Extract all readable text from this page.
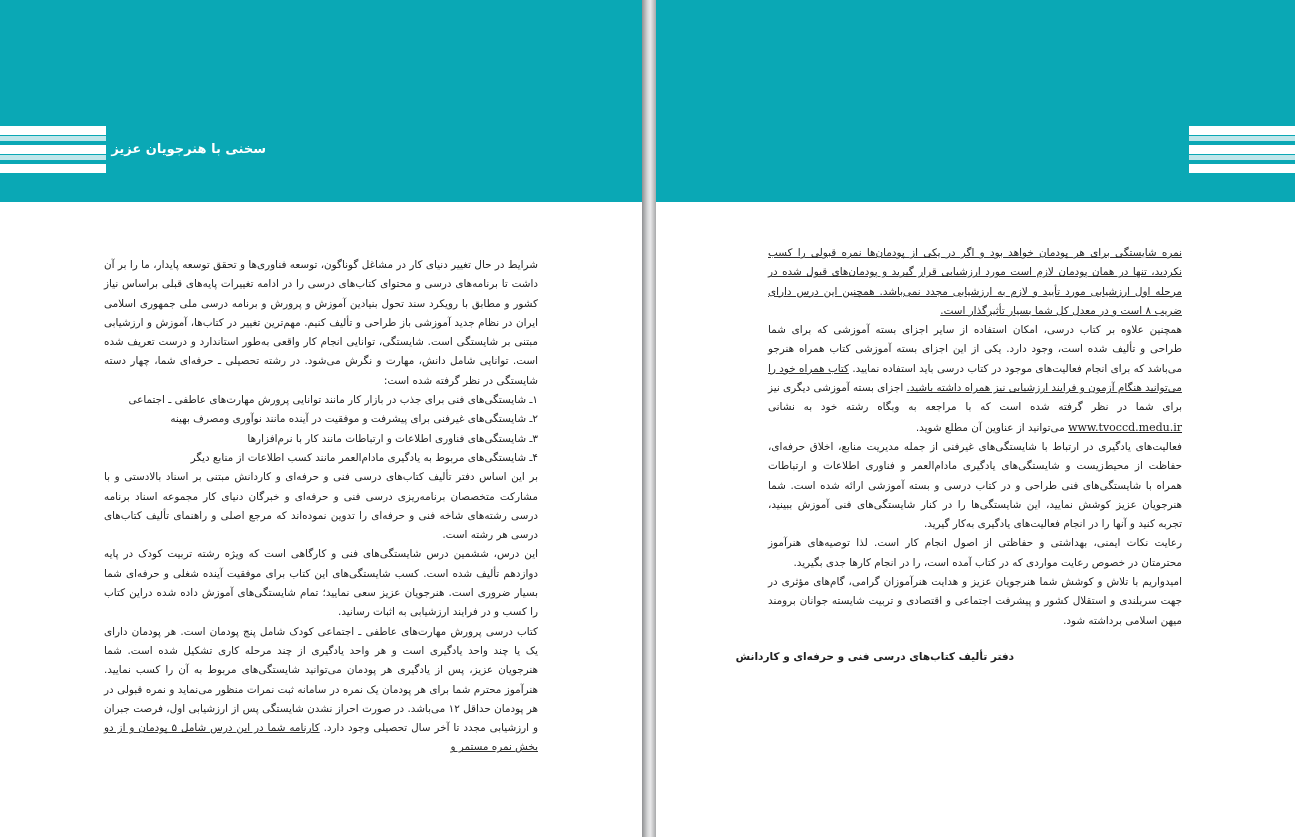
سخنی با هنرجویان عزیز

شرایط در حال تغییر دنیای کار در مشاغل گوناگون، توسعه فناوری‌ها و تحقق توسعه پایدار، ما را بر آن داشت تا برنامه‌های درسی و محتوای کتاب‌های درسی را در ادامه تغییرات پایه‌های قبلی براساس نیاز کشور و مطابق با رویکرد سند تحول بنیادین آموزش و پرورش و برنامه درسی ملی جمهوری اسلامی ایران در نظام جدید آموزشی باز طراحی و تألیف کنیم. مهم‌ترین تغییر در کتاب‌ها، آموزش و ارزشیابی مبتنی بر شایستگی است. شایستگی، توانایی انجام کار واقعی به‌طور استاندارد و درست تعریف شده است. توانایی شامل دانش، مهارت و نگرش می‌شود. در رشته تحصیلی ـ حرفه‌ای شما، چهار دسته شایستگی در نظر گرفته شده است:

۱ـ شایستگی‌های فنی برای جذب در بازار کار مانند توانایی پرورش مهارت‌های عاطفی ـ اجتماعی

۲ـ شایستگی‌های غیرفنی برای پیشرفت و موفقیت در آینده مانند نوآوری ومصرف بهینه

۳ـ شایستگی‌های فناوری اطلاعات و ارتباطات مانند کار با نرم‌افزارها

۴ـ شایستگی‌های مربوط به یادگیری مادام‌العمر مانند کسب اطلاعات از منابع دیگر

بر این اساس دفتر تألیف کتاب‌های درسی فنی و حرفه‌ای و کاردانش مبتنی بر اسناد بالادستی و با مشارکت متخصصان برنامه‌ریزی درسی فنی و حرفه‌ای و خبرگان دنیای کار مجموعه اسناد برنامه درسی رشته‌های شاخه فنی و حرفه‌ای را تدوین نموده‌اند که مرجع اصلی و راهنمای تألیف کتاب‌های درسی هر رشته است.

این درس، ششمین درس شایستگی‌های فنی و کارگاهی است که ویژه رشته تربیت کودک در پایه دوازدهم تألیف شده است. کسب شایستگی‌های این کتاب برای موفقیت آینده شغلی و حرفه‌ای شما بسیار ضروری است. هنرجویان عزیز سعی نمایید؛ تمام شایستگی‌های آموزش داده شده دراین کتاب را کسب و در فرایند ارزشیابی به اثبات رسانید.

کتاب درسی پرورش مهارت‌های عاطفی ـ اجتماعی کودک شامل پنج پودمان است. هر پودمان دارای یک یا چند واحد یادگیری است و هر واحد یادگیری از چند مرحله کاری تشکیل شده است. شما هنرجویان عزیز، پس از یادگیری هر پودمان می‌توانید شایستگی‌های مربوط به آن را کسب نمایید. هنرآموز محترم شما برای هر پودمان یک نمره در سامانه ثبت نمرات منظور می‌نماید و نمره قبولی در هر پودمان حداقل ۱۲ می‌باشد. در صورت احراز نشدن شایستگی پس از ارزشیابی اول، فرصت جبران و ارزشیابی مجدد تا آخر سال تحصیلی وجود دارد. کارنامه شما در این درس شامل ۵ پودمان و از دو بخش نمره مستمر و

نمره شایستگی برای هر پودمان خواهد بود و اگر در یکی از پودمان‌ها نمره قبولی را کسب نکردید، تنها در همان پودمان لازم است مورد ارزشیابی قرار گیرید و پودمان‌های قبول شده در مرحله اول ارزشیابی مورد تأیید و لازم به ارزشیابی مجدد نمی‌باشد. همچنین این درس دارای ضریب ۸ است و در معدل کل شما بسیار تأثیرگذار است.

همچنین علاوه بر کتاب درسی، امکان استفاده از سایر اجزای بسته آموزشی که برای شما طراحی و تألیف شده است، وجود دارد. یکی از این اجزای بسته آموزشی کتاب همراه هنرجو می‌باشد که برای انجام فعالیت‌های موجود در کتاب درسی باید استفاده نمایید. کتاب همراه خود را می‌توانید هنگام آزمون و فرایند ارزشیابی نیز همراه داشته باشید. اجزای بسته آموزشی دیگری نیز برای شما در نظر گرفته شده است که با مراجعه به وبگاه رشته خود به نشانی www.tvoccd.medu.ir می‌توانید از عناوین آن مطلع شوید.

فعالیت‌های یادگیری در ارتباط با شایستگی‌های غیرفنی از جمله مدیریت منابع، اخلاق حرفه‌ای، حفاظت از محیط‌زیست و شایستگی‌های یادگیری مادام‌العمر و فناوری اطلاعات و ارتباطات همراه با شایستگی‌های فنی طراحی و در کتاب درسی و بسته آموزشی ارائه شده است. شما هنرجویان عزیز کوشش نمایید، این شایستگی‌ها را در کنار شایستگی‌های فنی آموزش ببینید، تجربه کنید و آنها را در انجام فعالیت‌های یادگیری به‌کار گیرید.

رعایت نکات ایمنی، بهداشتی و حفاظتی از اصول انجام کار است. لذا توصیه‌های هنرآموز محترمتان در خصوص رعایت مواردی که در کتاب آمده است، را در انجام کارها جدی بگیرید.

امیدواریم با تلاش و کوشش شما هنرجویان عزیز و هدایت هنرآموزان گرامی، گام‌های مؤثری در جهت سربلندی و استقلال کشور و پیشرفت اجتماعی و اقتصادی و تربیت شایسته جوانان برومند میهن اسلامی برداشته شود.

دفتر تألیف کتاب‌های درسی فنی و حرفه‌ای و کاردانش
